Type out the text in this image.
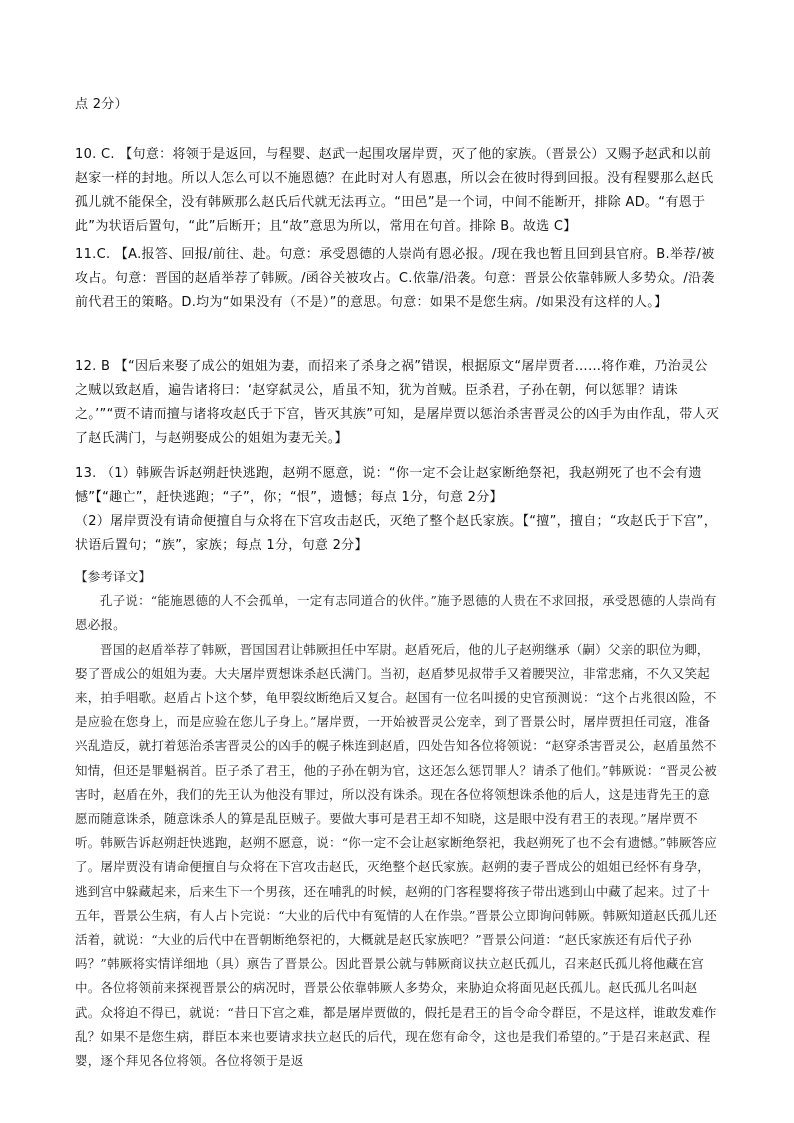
点 2分）
10. C. 【句意：将领于是返回，与程婴、赵武一起围攻屠岸贾，灭了他的家族。（晋景公）又赐予赵武和以前赵家一样的封地。所以人怎么可以不施恩德？在此时对人有恩惠，所以会在彼时得到回报。没有程婴那么赵氏孤儿就不能保全，没有韩厥那么赵氏后代就无法再立。“田邑”是一个词，中间不能断开，排除 AD。“有恩于此”为状语后置句，“此”后断开；且“故”意思为所以，常用在句首。排除 B。故选 C】
11.C. 【A.报答、回报/前往、赴。句意：承受恩德的人崇尚有恩必报。/现在我也暂且回到县官府。B.举荐/被攻占。句意：晋国的赵盾举荐了韩厥。/函谷关被攻占。C.依靠/沿袭。句意：晋景公依靠韩厥人多势众。/沿袭前代君王的策略。D.均为“如果没有（不是）”的意思。句意：如果不是您生病。/如果没有这样的人。】
12. B 【“因后来娶了成公的姐姐为妻，而招来了杀身之祸”错误，根据原文“屠岸贾者……将作难，乃治灵公之贼以致赵盾，遍告诸将曰：‘赵穿弑灵公，盾虽不知，犹为首贼。臣杀君，子孙在朝，何以惩罪？请诛之。’”“贾不请而擅与诸将攻赵氏于下宫，皆灭其族”可知，是屠岸贾以惩治杀害晋灵公的凶手为由作乱，带人灭了赵氏满门，与赵朔娶成公的姐姐为妻无关。】
13. （1）韩厥告诉赵朔赶快逃跑，赵朔不愿意，说：“你一定不会让赵家断绝祭祀，我赵朔死了也不会有遗憾”【“趣亡”，赶快逃跑；“子”，你；“恨”，遗憾；每点 1分，句意 2分】
（2）屠岸贾没有请命便擅自与众将在下宫攻击赵氏，灭绝了整个赵氏家族。【“擅”，擅自；“攻赵氏于下宫”，状语后置句；“族”，家族；每点 1分，句意 2分】

【参考译文】

孔子说：“能施恩德的人不会孤单，一定有志同道合的伙伴。”施予恩德的人贵在不求回报，承受恩德的人崇尚有恩必报。

晋国的赵盾举荐了韩厥，晋国国君让韩厥担任中军尉。赵盾死后，他的儿子赵朔继承（嗣）父亲的职位为卿，娶了晋成公的姐姐为妻。大夫屠岸贾想诛杀赵氏满门。当初，赵盾梦见叔带手又着腰哭泣，非常悲痛，不久又笑起来，拍手唱歌。赵盾占卜这个梦，龟甲裂纹断绝后又复合。赵国有一位名叫援的史官预测说：“这个占兆很凶险，不是应验在您身上，而是应验在您儿子身上。”屠岸贾，一开始被晋灵公宠幸，到了晋景公时，屠岸贾担任司寇，准备兴乱造反，就打着惩治杀害晋灵公的凶手的幌子株连到赵盾，四处告知各位将领说：“赵穿杀害晋灵公，赵盾虽然不知情，但还是罪魁祸首。臣子杀了君王，他的子孙在朝为官，这还怎么惩罚罪人？请杀了他们。”韩厥说：“晋灵公被害时，赵盾在外，我们的先王认为他没有罪过，所以没有诛杀。现在各位将领想诛杀他的后人，这是违背先王的意愿而随意诛杀，随意诛杀人的算是乱臣贼子。要做大事可是君王却不知晓，这是眼中没有君王的表现。”屠岸贾不听。韩厥告诉赵朔赶快逃跑，赵朔不愿意，说：“你一定不会让赵家断绝祭祀，我赵朔死了也不会有遗憾。”韩厥答应了。屠岸贾没有请命便擅自与众将在下宫攻击赵氏，灭绝整个赵氏家族。赵朔的妻子晋成公的姐姐已经怀有身孕，逃到宫中躲藏起来，后来生下一个男孩，还在哺乳的时候，赵朔的门客程婴将孩子带出逃到山中藏了起来。过了十五年，晋景公生病，有人占卜完说：“大业的后代中有冤情的人在作祟。”晋景公立即询问韩厥。韩厥知道赵氏孤儿还活着，就说：“大业的后代中在晋朝断绝祭祀的，大概就是赵氏家族吧？”晋景公问道：“赵氏家族还有后代子孙吗？”韩厥将实情详细地（具）禀告了晋景公。因此晋景公就与韩厥商议扶立赵氏孤儿，召来赵氏孤儿将他藏在宫中。各位将领前来探视晋景公的病况时，晋景公依靠韩厥人多势众，来胁迫众将面见赵氏孤儿。赵氏孤儿名叫赵武。众将迫不得已，就说：“昔日下宫之难，都是屠岸贾做的，假托是君王的旨令命令群臣，不是这样，谁敢发难作乱？如果不是您生病，群臣本来也要请求扶立赵氏的后代，现在您有命令，这也是我们希望的。”于是召来赵武、程婴，逐个拜见各位将领。各位将领于是返
